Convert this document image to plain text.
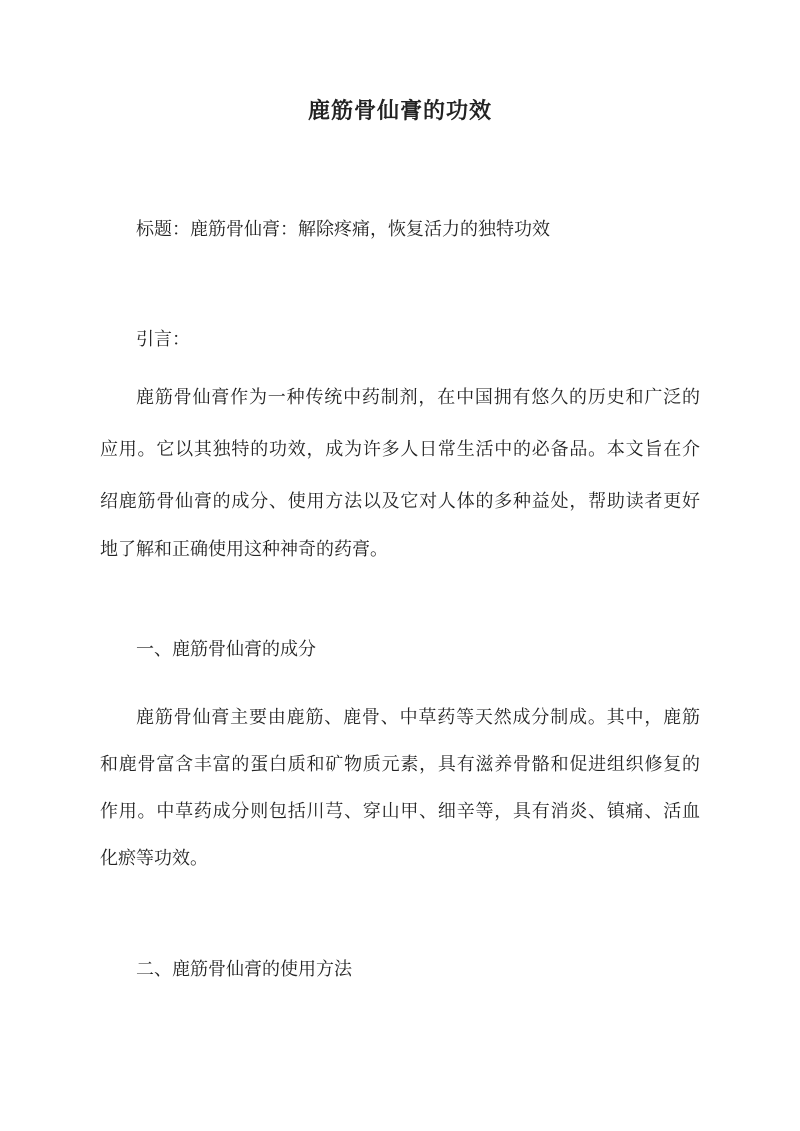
鹿筋骨仙膏的功效

标题：鹿筋骨仙膏：解除疼痛，恢复活力的独特功效

引言：

鹿筋骨仙膏作为一种传统中药制剂，在中国拥有悠久的历史和广泛的

应用。它以其独特的功效，成为许多人日常生活中的必备品。本文旨在介

绍鹿筋骨仙膏的成分、使用方法以及它对人体的多种益处，帮助读者更好

地了解和正确使用这种神奇的药膏。

一、鹿筋骨仙膏的成分

鹿筋骨仙膏主要由鹿筋、鹿骨、中草药等天然成分制成。其中，鹿筋

和鹿骨富含丰富的蛋白质和矿物质元素，具有滋养骨骼和促进组织修复的

作用。中草药成分则包括川芎、穿山甲、细辛等，具有消炎、镇痛、活血

化瘀等功效。

二、鹿筋骨仙膏的使用方法
